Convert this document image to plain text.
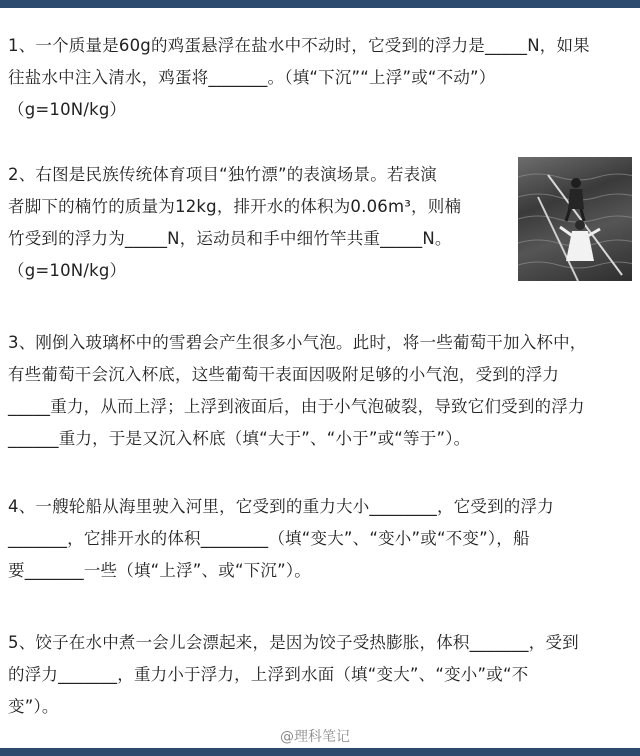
1、一个质量是60g的鸡蛋悬浮在盐水中不动时，它受到的浮力是_____N，如果
往盐水中注入清水，鸡蛋将_______。（填“下沉”“上浮”或“不动”）
（g=10N/kg）
2、右图是民族传统体育项目“独竹漂”的表演场景。若表演
者脚下的楠竹的质量为12kg，排开水的体积为0.06m³，则楠
竹受到的浮力为_____N，运动员和手中细竹竿共重_____N。
（g=10N/kg）
3、刚倒入玻璃杯中的雪碧会产生很多小气泡。此时，将一些葡萄干加入杯中，
有些葡萄干会沉入杯底，这些葡萄干表面因吸附足够的小气泡，受到的浮力
_____重力，从而上浮；上浮到液面后，由于小气泡破裂，导致它们受到的浮力
______重力，于是又沉入杯底（填“大于”、“小于”或“等于”）。
4、一艘轮船从海里驶入河里，它受到的重力大小________，它受到的浮力
_______，它排开水的体积________（填“变大”、“变小”或“不变”），船
要_______一些（填“上浮”、或“下沉”）。
5、饺子在水中煮一会儿会漂起来，是因为饺子受热膨胀，体积_______，受到
的浮力_______，重力小于浮力，上浮到水面（填“变大”、“变小”或“不
变”）。
@理科笔记
